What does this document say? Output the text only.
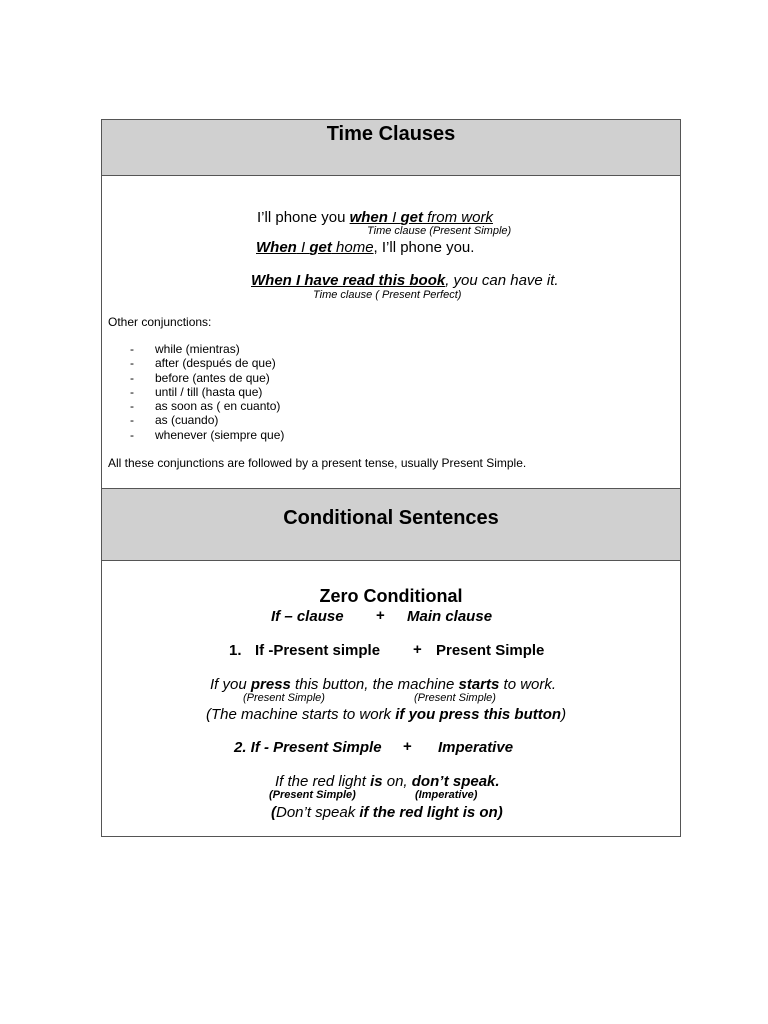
Time Clauses
I’ll phone you when I get from work
Time clause (Present Simple)
When I get home, I’ll phone you.
When I have read this book, you can have it.
Time clause ( Present Perfect)
Other conjunctions:
- while (mientras)
- after (después de que)
- before (antes de que)
- until / till (hasta que)
- as soon as ( en cuanto)
- as (cuando)
- whenever (siempre que)
All these conjunctions are followed by a present tense, usually Present Simple.
Conditional Sentences
Zero Conditional
If – clause + Main clause
1. If -Present simple + Present Simple
If you press this button, the machine starts to work.
(Present Simple)	(Present Simple)
(The machine starts to work if you press this button)
2. If - Present Simple + Imperative
If the red light is on, don’t speak.
(Present Simple)	(Imperative)
(Don’t speak if the red light is on)
